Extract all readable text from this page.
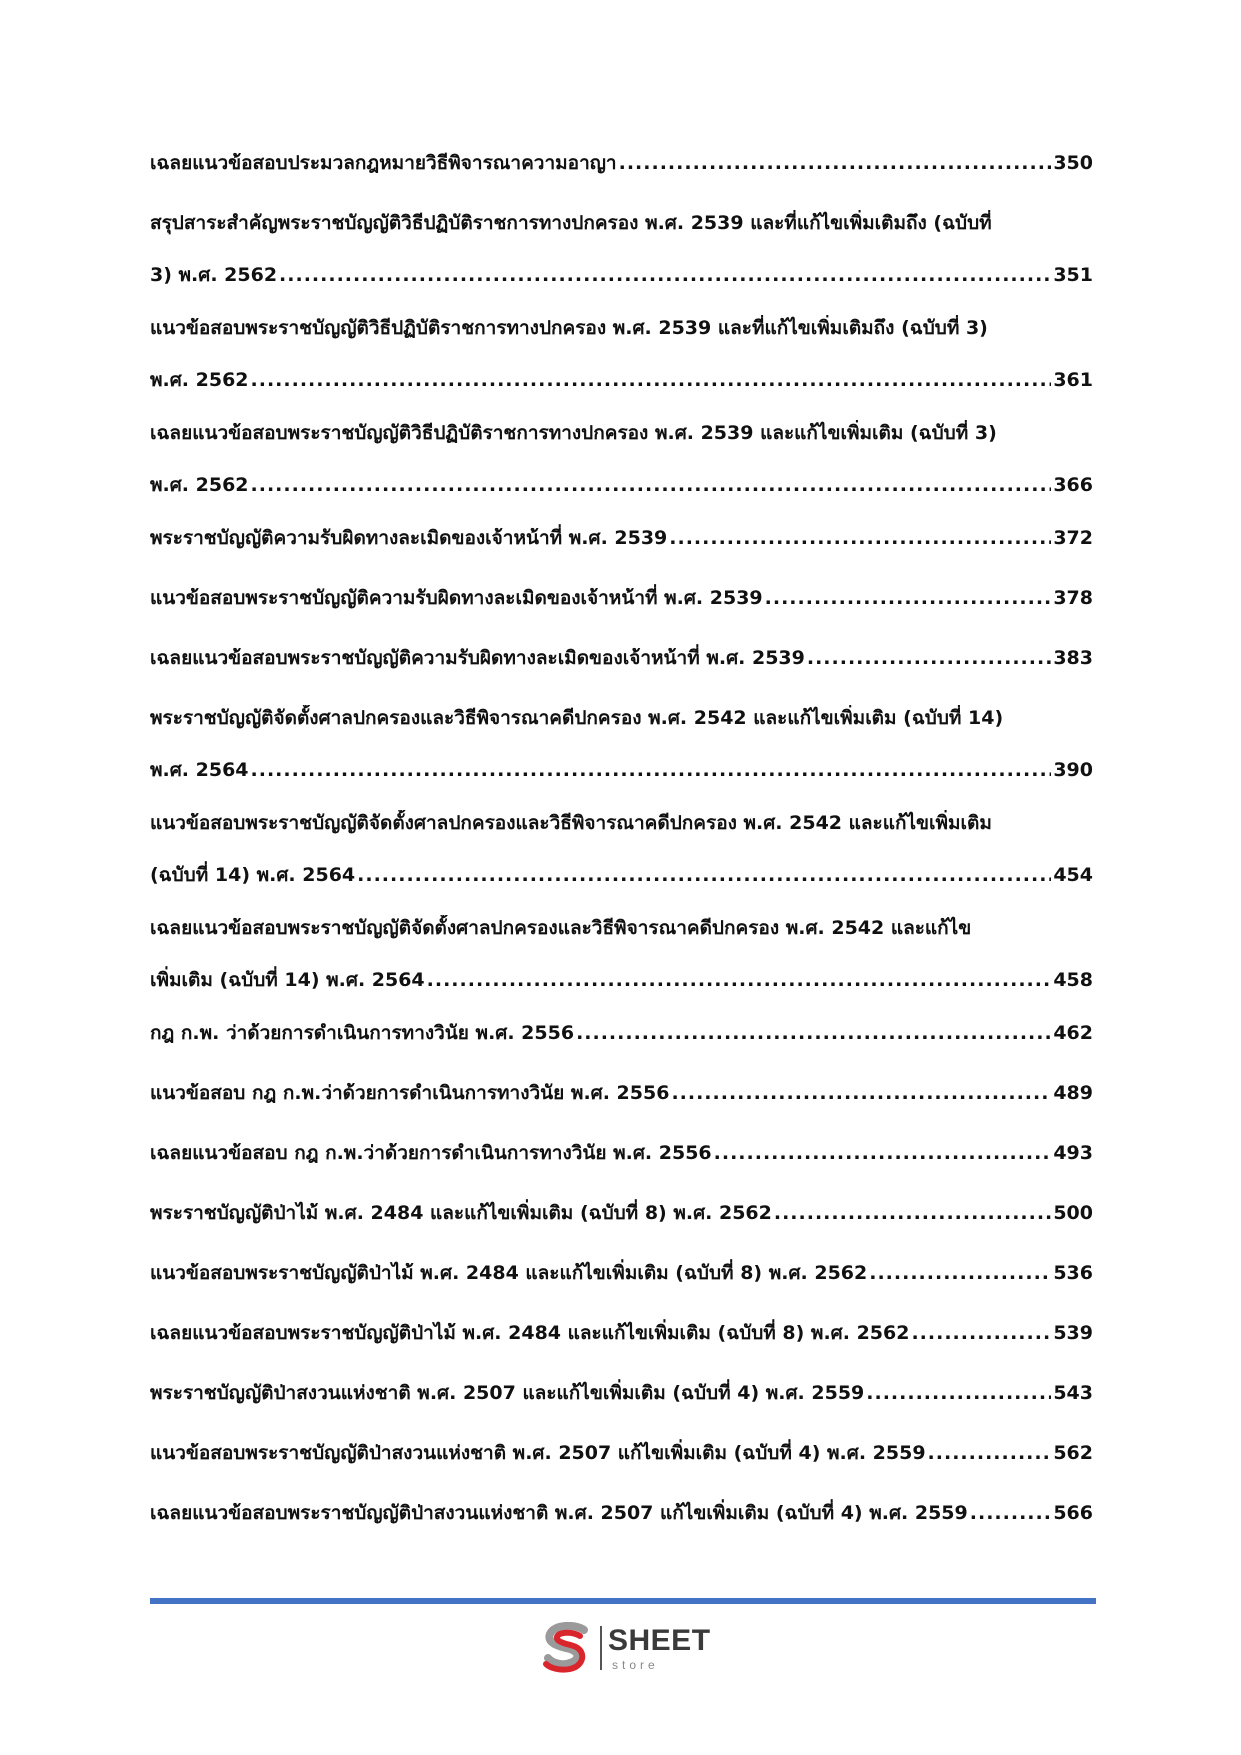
เฉลยแนวข้อสอบประมวลกฎหมายวิธีพิจารณาความอาญา .....	350
สรุปสาระสำคัญพระราชบัญญัติวิธีปฏิบัติราชการทางปกครอง พ.ศ. 2539 และที่แก้ไขเพิ่มเติมถึง (ฉบับที่
3) พ.ศ. 2562 .....	351
แนวข้อสอบพระราชบัญญัติวิธีปฏิบัติราชการทางปกครอง พ.ศ. 2539 และที่แก้ไขเพิ่มเติมถึง (ฉบับที่ 3)
พ.ศ. 2562 .....	361
เฉลยแนวข้อสอบพระราชบัญญัติวิธีปฏิบัติราชการทางปกครอง พ.ศ. 2539 และแก้ไขเพิ่มเติม (ฉบับที่ 3)
พ.ศ. 2562 .....	366
พระราชบัญญัติความรับผิดทางละเมิดของเจ้าหน้าที่ พ.ศ. 2539 .....	372
แนวข้อสอบพระราชบัญญัติความรับผิดทางละเมิดของเจ้าหน้าที่ พ.ศ. 2539 .....	378
เฉลยแนวข้อสอบพระราชบัญญัติความรับผิดทางละเมิดของเจ้าหน้าที่ พ.ศ. 2539 .....	383
พระราชบัญญัติจัดตั้งศาลปกครองและวิธีพิจารณาคดีปกครอง พ.ศ. 2542 และแก้ไขเพิ่มเติม (ฉบับที่ 14)
พ.ศ. 2564 .....	390
แนวข้อสอบพระราชบัญญัติจัดตั้งศาลปกครองและวิธีพิจารณาคดีปกครอง พ.ศ. 2542 และแก้ไขเพิ่มเติม
(ฉบับที่ 14) พ.ศ. 2564 .....	454
เฉลยแนวข้อสอบพระราชบัญญัติจัดตั้งศาลปกครองและวิธีพิจารณาคดีปกครอง พ.ศ. 2542 และแก้ไข
เพิ่มเติม (ฉบับที่ 14) พ.ศ. 2564 .....	458
กฎ ก.พ. ว่าด้วยการดำเนินการทางวินัย พ.ศ. 2556 .....	462
แนวข้อสอบ กฎ ก.พ.ว่าด้วยการดำเนินการทางวินัย พ.ศ. 2556 .....	489
เฉลยแนวข้อสอบ กฎ ก.พ.ว่าด้วยการดำเนินการทางวินัย พ.ศ. 2556 .....	493
พระราชบัญญัติป่าไม้ พ.ศ. 2484 และแก้ไขเพิ่มเติม (ฉบับที่ 8) พ.ศ. 2562 .....	500
แนวข้อสอบพระราชบัญญัติป่าไม้ พ.ศ. 2484 และแก้ไขเพิ่มเติม (ฉบับที่ 8) พ.ศ. 2562 .....	536
เฉลยแนวข้อสอบพระราชบัญญัติป่าไม้ พ.ศ. 2484 และแก้ไขเพิ่มเติม (ฉบับที่ 8) พ.ศ. 2562 .....	539
พระราชบัญญัติป่าสงวนแห่งชาติ พ.ศ. 2507 และแก้ไขเพิ่มเติม (ฉบับที่ 4) พ.ศ. 2559 .....	543
แนวข้อสอบพระราชบัญญัติป่าสงวนแห่งชาติ พ.ศ. 2507 แก้ไขเพิ่มเติม (ฉบับที่ 4) พ.ศ. 2559 .....	562
เฉลยแนวข้อสอบพระราชบัญญัติป่าสงวนแห่งชาติ พ.ศ. 2507 แก้ไขเพิ่มเติม (ฉบับที่ 4) พ.ศ. 2559 .....	566
SHEET
store
